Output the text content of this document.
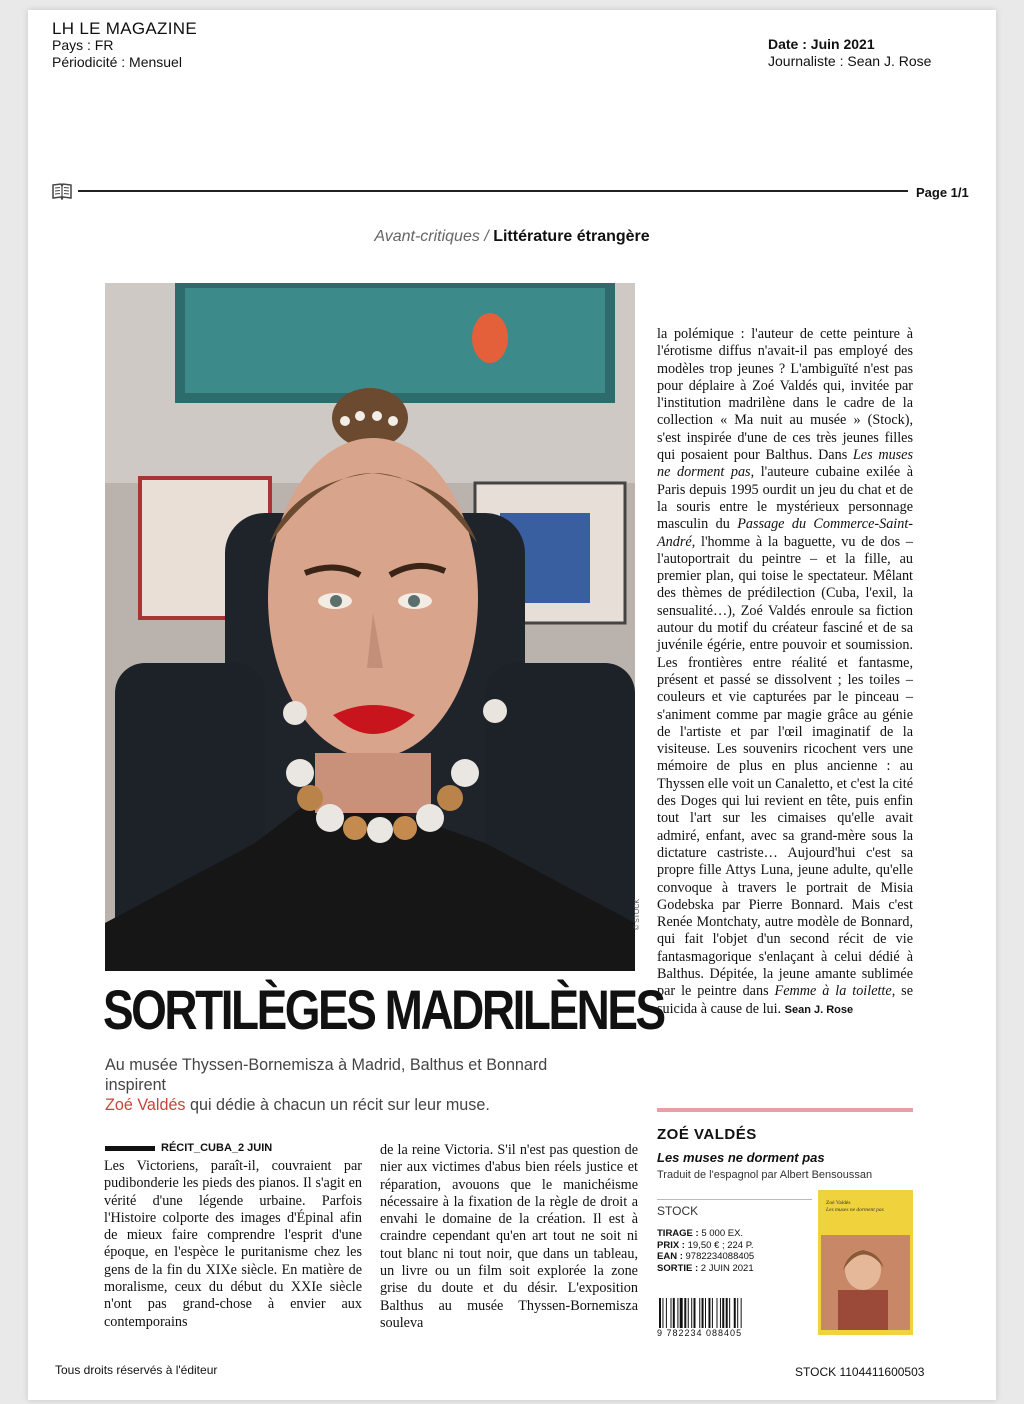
LH LE MAGAZINE
Pays : FR
Périodicité : Mensuel
Date : Juin 2021
Journaliste : Sean J. Rose
Page 1/1
Avant-critiques / Littérature étrangère
© STOCK
SORTILÈGES MADRILÈNES
Au musée Thyssen-Bornemisza à Madrid, Balthus et Bonnard inspirent
Zoé Valdés qui dédie à chacun un récit sur leur muse.
RÉCIT_CUBA_2 JUIN
Les Victoriens, paraît-il, couvraient par pudibonderie les pieds des pianos. Il s'agit en vérité d'une légende urbaine. Parfois l'Histoire colporte des images d'Épinal afin de mieux faire comprendre l'esprit d'une époque, en l'espèce le puritanisme chez les gens de la fin du XIXe siècle. En matière de moralisme, ceux du début du XXIe siècle n'ont pas grand-chose à envier aux contemporains
de la reine Victoria. S'il n'est pas question de nier aux victimes d'abus bien réels justice et réparation, avouons que le manichéisme nécessaire à la fixation de la règle de droit a envahi le domaine de la création. Il est à craindre cependant qu'en art tout ne soit ni tout blanc ni tout noir, que dans un tableau, un livre ou un film soit explorée la zone grise du doute et du désir. L'exposition Balthus au musée Thyssen-Bornemisza souleva
la polémique : l'auteur de cette peinture à l'érotisme diffus n'avait-il pas employé des modèles trop jeunes ? L'ambiguïté n'est pas pour déplaire à Zoé Valdés qui, invitée par l'institution madrilène dans le cadre de la collection « Ma nuit au musée » (Stock), s'est inspirée d'une de ces très jeunes filles qui posaient pour Balthus. Dans Les muses ne dorment pas, l'auteure cubaine exilée à Paris depuis 1995 ourdit un jeu du chat et de la souris entre le mystérieux personnage masculin du Passage du Commerce-Saint-André, l'homme à la baguette, vu de dos – l'autoportrait du peintre – et la fille, au premier plan, qui toise le spectateur. Mêlant des thèmes de prédilection (Cuba, l'exil, la sensualité…), Zoé Valdés enroule sa fiction autour du motif du créateur fasciné et de sa juvénile égérie, entre pouvoir et soumission. Les frontières entre réalité et fantasme, présent et passé se dissolvent ; les toiles – couleurs et vie capturées par le pinceau – s'animent comme par magie grâce au génie de l'artiste et par l'œil imaginatif de la visiteuse. Les souvenirs ricochent vers une mémoire de plus en plus ancienne : au Thyssen elle voit un Canaletto, et c'est la cité des Doges qui lui revient en tête, puis enfin tout l'art sur les cimaises qu'elle avait admiré, enfant, avec sa grand-mère sous la dictature castriste… Aujourd'hui c'est sa propre fille Attys Luna, jeune adulte, qu'elle convoque à travers le portrait de Misia Godebska par Pierre Bonnard. Mais c'est Renée Montchaty, autre modèle de Bonnard, qui fait l'objet d'un second récit de vie fantasmagorique s'enlaçant à celui dédié à Balthus. Dépitée, la jeune amante sublimée par le peintre dans Femme à la toilette, se suicida à cause de lui. Sean J. Rose
ZOÉ VALDÉS
Les muses ne dorment pas
Traduit de l'espagnol par Albert Bensoussan
STOCK
TIRAGE : 5 000 EX.
PRIX : 19,50 € ; 224 P.
EAN : 9782234088405
SORTIE : 2 JUIN 2021
9 782234 088405
Zoé Valdés
Les muses ne dorment pas
Tous droits réservés à l'éditeur	STOCK 1104411600503
